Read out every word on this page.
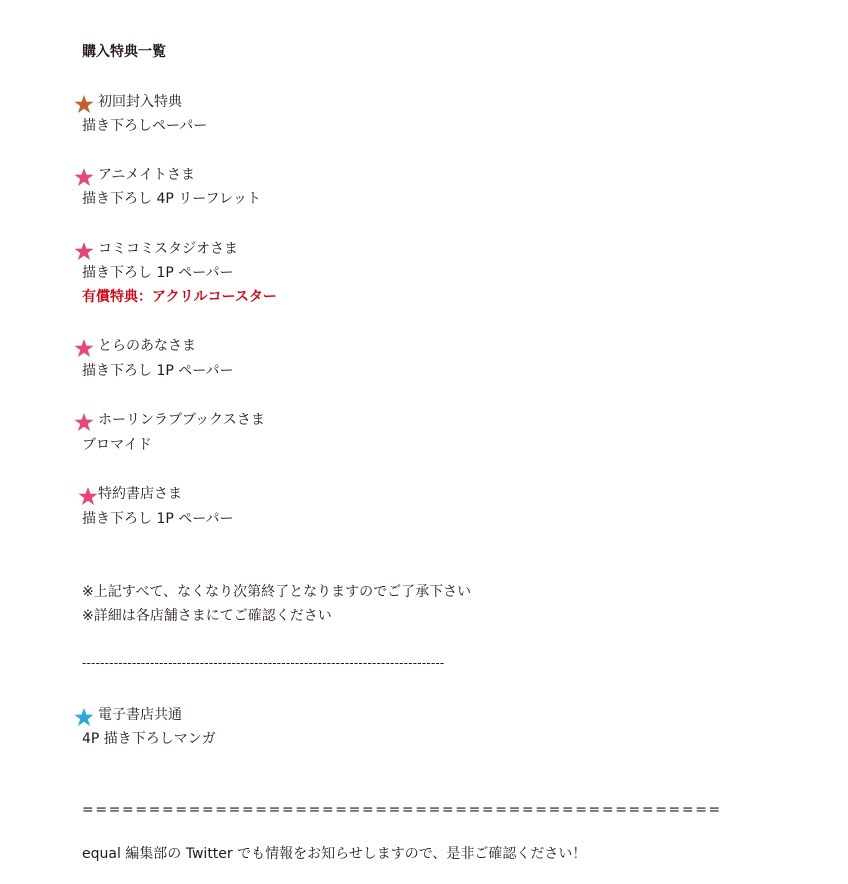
購入特典一覧
初回封入特典
描き下ろしペーパー
アニメイトさま
描き下ろし 4P リーフレット
コミコミスタジオさま
描き下ろし 1P ペーパー
有償特典：アクリルコースター
とらのあなさま
描き下ろし 1P ペーパー
ホーリンラブブックスさま
ブロマイド
特約書店さま
描き下ろし 1P ペーパー
※上記すべて、なくなり次第終了となりますのでご了承下さい
※詳細は各店舗さまにてご確認ください
--------------------------------------------------------------------------------
電子書店共通
4P 描き下ろしマンガ
================================================
equal 編集部の Twitter でも情報をお知らせしますので、是非ご確認ください！
